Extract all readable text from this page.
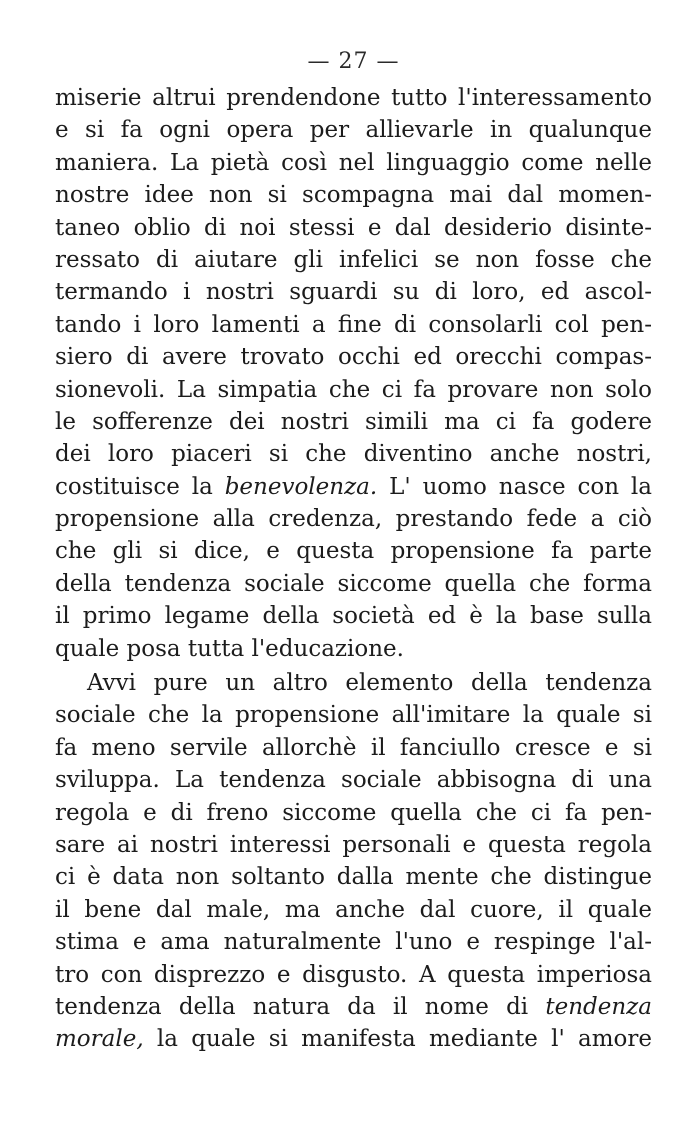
— 27 —
miserie altrui prendendone tutto l'interessamento
e si fa ogni opera per allievarle in qualunque
maniera. La pietà così nel linguaggio come nelle
nostre idee non si scompagna mai dal momen-
taneo oblio di noi stessi e dal desiderio disinte-
ressato di aiutare gli infelici se non fosse che
termando i nostri sguardi su di loro, ed ascol-
tando i loro lamenti a fine di consolarli col pen-
siero di avere trovato occhi ed orecchi compas-
sionevoli. La simpatia che ci fa provare non solo
le sofferenze dei nostri simili ma ci fa godere
dei loro piaceri si che diventino anche nostri,
costituisce la benevolenza. L' uomo nasce con la
propensione alla credenza, prestando fede a ciò
che gli si dice, e questa propensione fa parte
della tendenza sociale siccome quella che forma
il primo legame della società ed è la base sulla
quale posa tutta l'educazione.
Avvi pure un altro elemento della tendenza
sociale che la propensione all'imitare la quale si
fa meno servile allorchè il fanciullo cresce e si
sviluppa. La tendenza sociale abbisogna di una
regola e di freno siccome quella che ci fa pen-
sare ai nostri interessi personali e questa regola
ci è data non soltanto dalla mente che distingue
il bene dal male, ma anche dal cuore, il quale
stima e ama naturalmente l'uno e respinge l'al-
tro con disprezzo e disgusto. A questa imperiosa
tendenza della natura da il nome di tendenza
morale, la quale si manifesta mediante l' amore
